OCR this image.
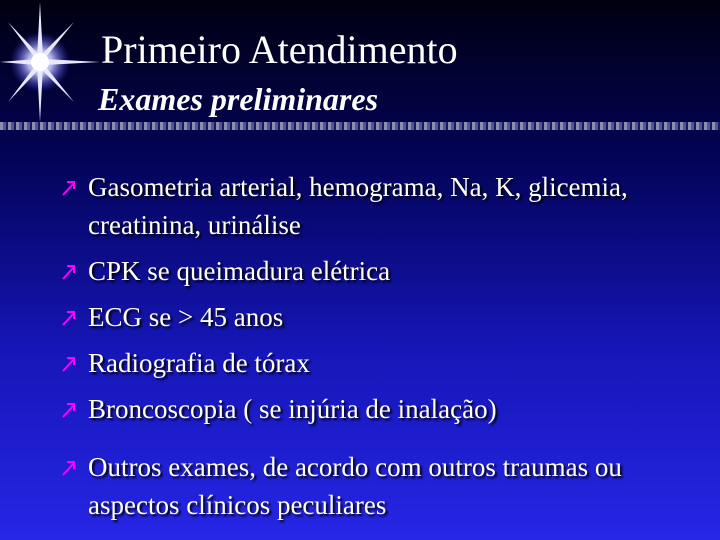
Primeiro Atendimento
Exames preliminares
Gasometria arterial, hemograma, Na, K, glicemia, creatinina, urinálise
CPK se queimadura elétrica
ECG se > 45 anos
Radiografia de tórax
Broncoscopia ( se injúria de inalação)
Outros exames, de acordo com outros traumas ou aspectos clínicos peculiares
